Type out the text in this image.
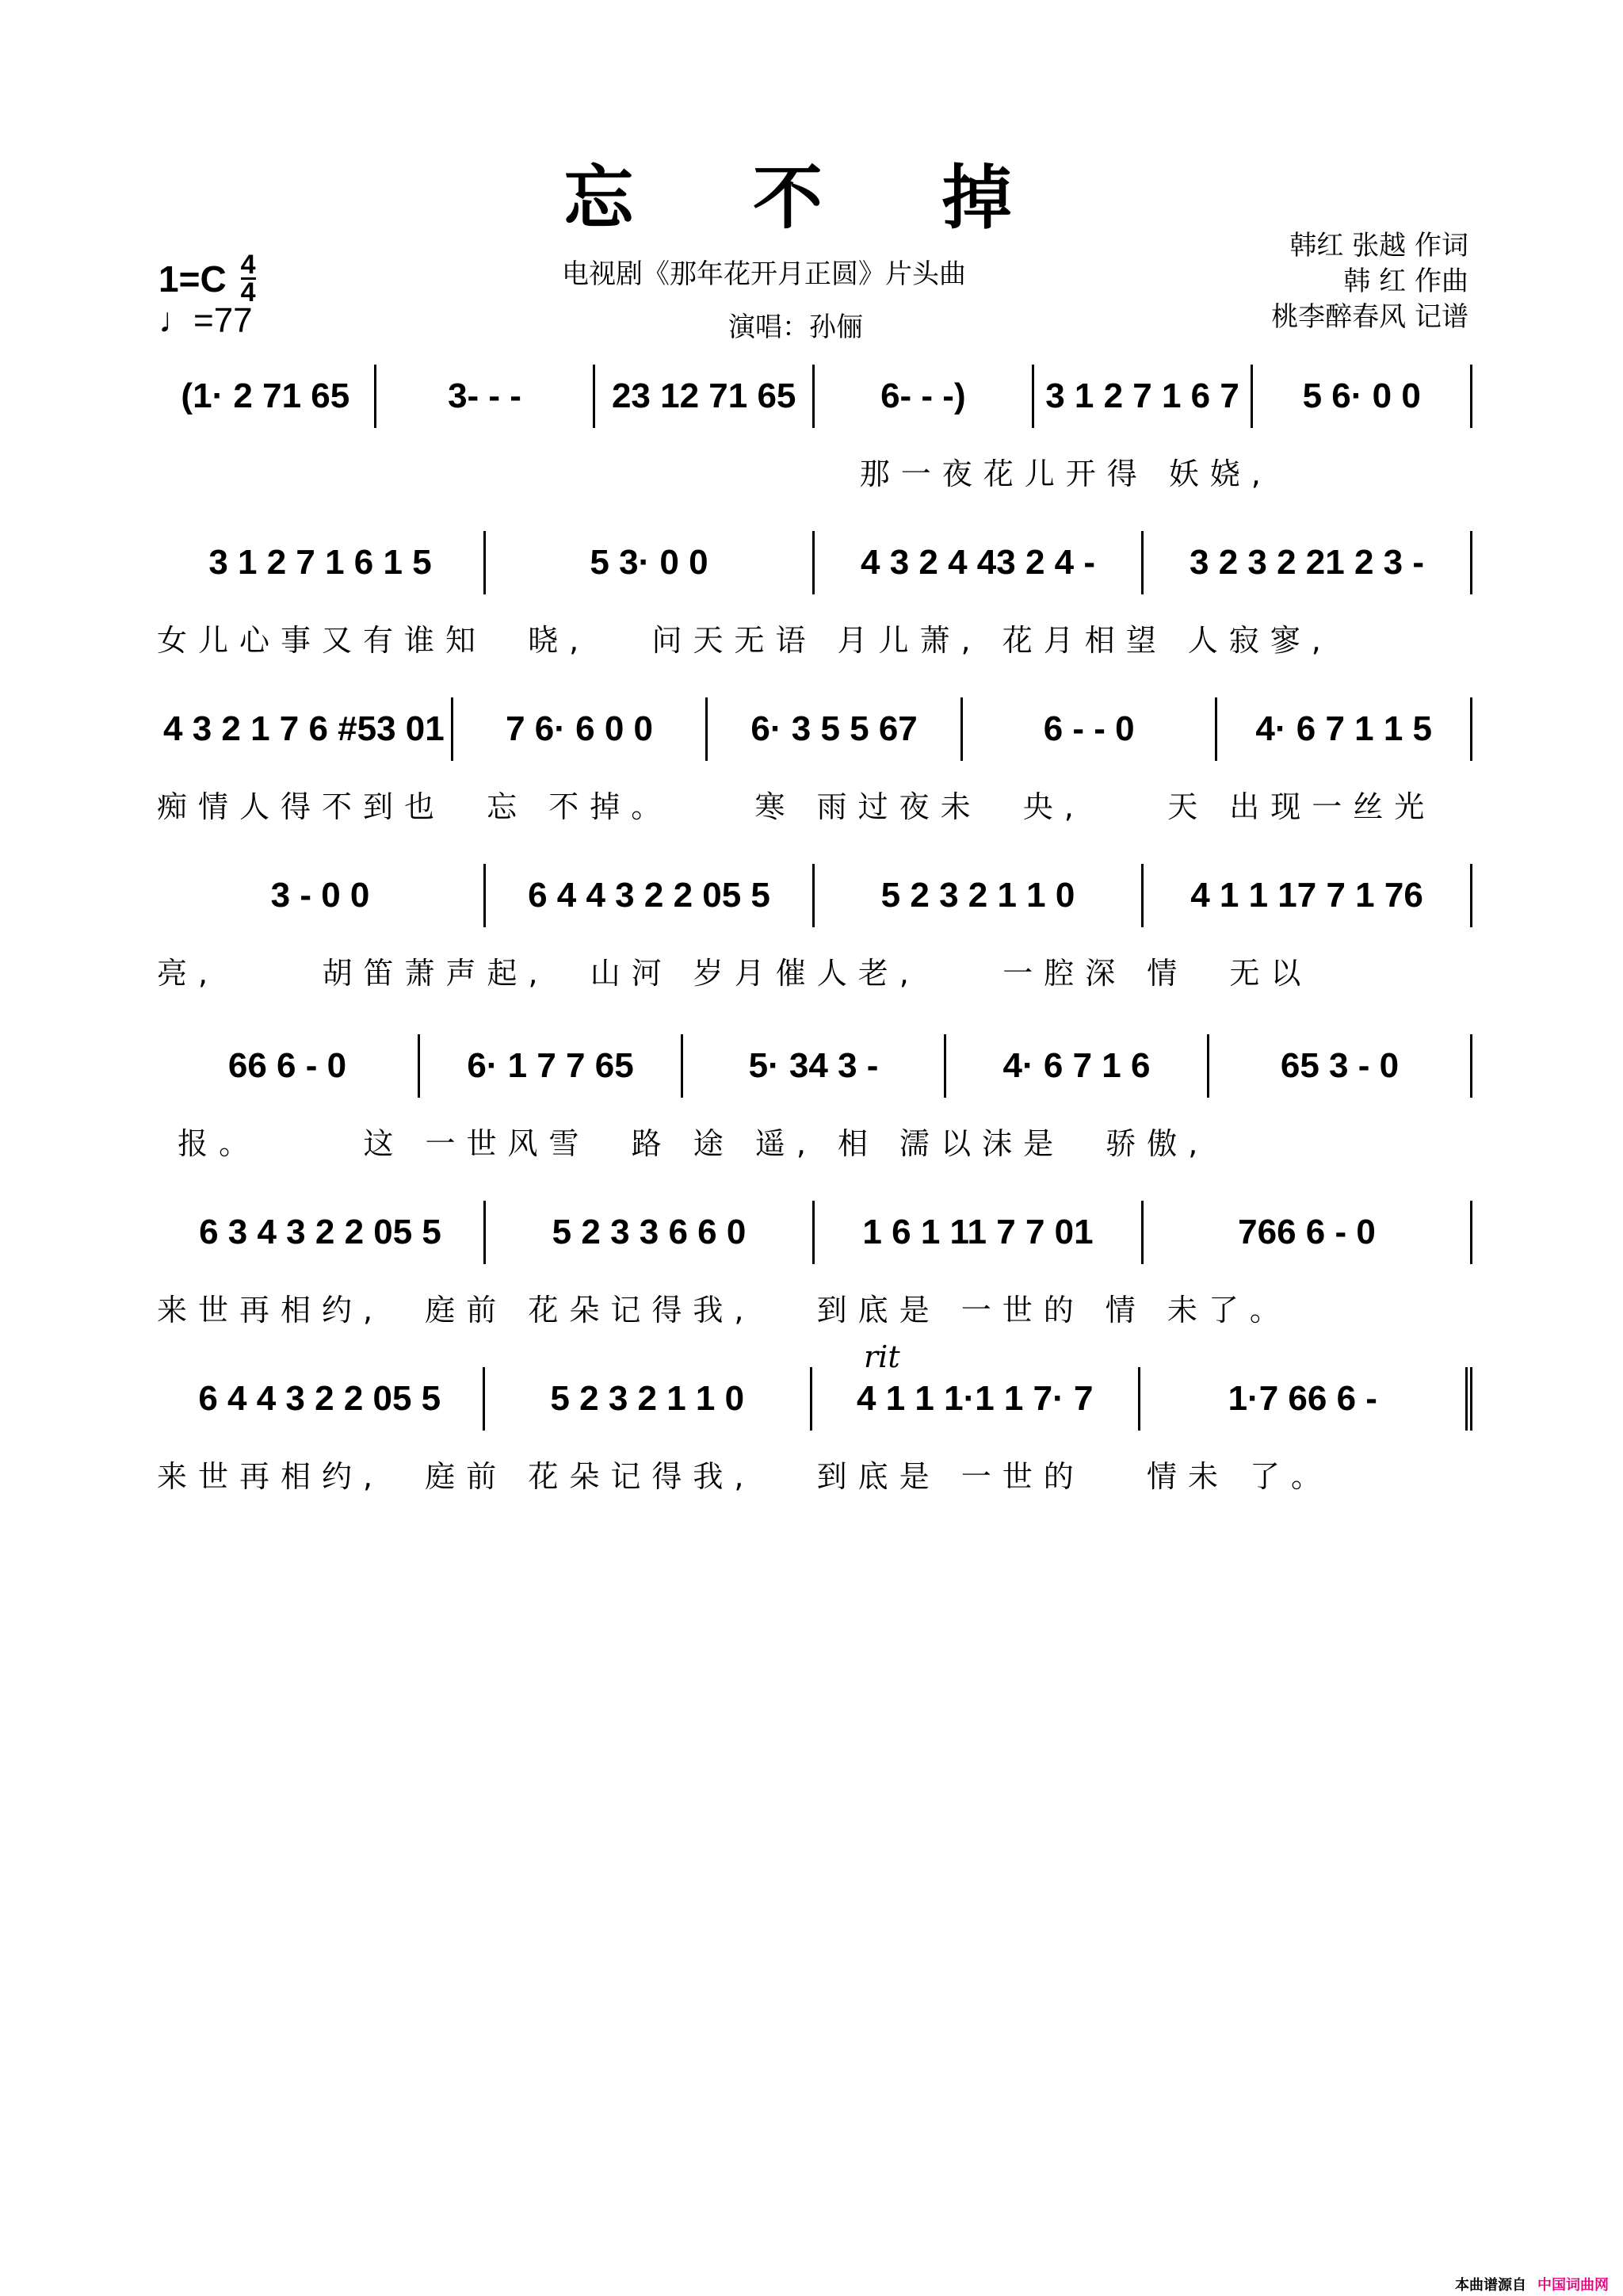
忘 不 掉
$1=C \frac{4}{4}$
♩=77
电视剧《那年花开月正圆》片头曲
演唱：孙俪
韩红 张越 作词
韩 红 作曲
桃李醉春风 记谱
rit
(1· 2 71 65	3- - -	23 12 71 65	6- - -)	3 1 2 7 1 6 7	5 6· 0 0
那一夜花儿开得 妖娆,
3 1 2 7 1 6 1 5	5 3· 0 0	4 3 2 4 43 2 4 -	3 2 3 2 21 2 3 -
女儿心事又有谁知  晓,   问天无语 月儿萧, 花月相望 人寂寥,
4 3 2 1 7 6 #53 01	7 6· 6 0 0	6· 3 5 5 67	6 - - 0	4· 6 7 1 1 5
痴情人得不到也  忘 不掉。    寒 雨过夜未  央,    天 出现一丝光
3 - 0 0	6 4 4 3 2 2 05 5	5 2 3 2 1 1 0	4 1 1 17 7 1 76
亮,     胡笛萧声起,  山河 岁月催人老,    一腔深 情  无以
66 6 - 0	6· 1 7 7 65	5· 34 3 -	4· 6 7 1 6	65 3 - 0
报。     这 一世风雪  路 途 遥, 相 濡以沫是  骄傲,
6 3 4 3 2 2 05 5	5 2 3 3 6 6 0	1 6 1 11 7 7 01	766 6 - 0
来世再相约,  庭前 花朵记得我,   到底是 一世的 情 未了。
6 4 4 3 2 2 05 5	5 2 3 2 1 1 0	4 1 1 1·1 1 7· 7	1·7 66 6 -
来世再相约,  庭前 花朵记得我,   到底是 一世的   情未 了。
本曲谱源自 中国词曲网
